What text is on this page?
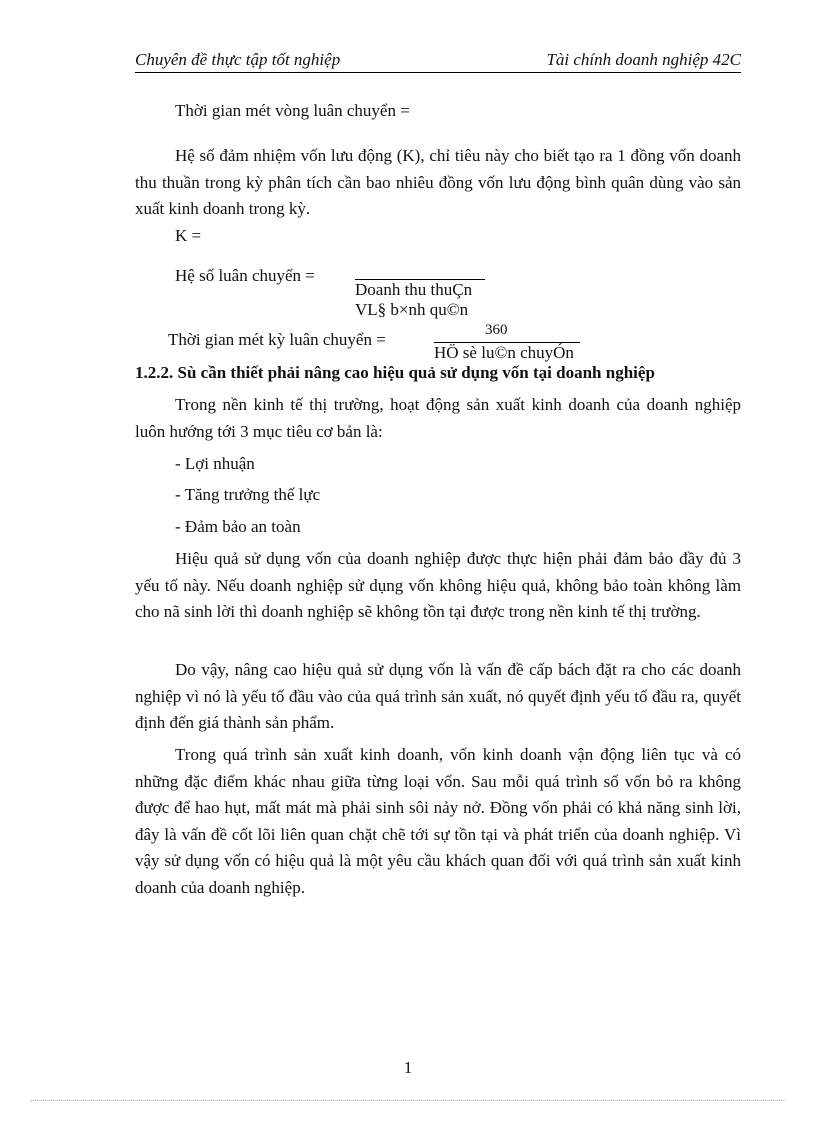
Chuyên đề thực tập tốt nghiệp	Tài chính doanh nghiệp 42C
Thời gian mét vòng luân chuyển =
Hệ số đảm nhiệm vốn lưu động (K), chỉ tiêu này cho biết tạo ra 1 đồng vốn doanh thu thuần trong kỳ phân tích cần bao nhiêu đồng vốn lưu động bình quân dùng vào sản xuất kinh doanh trong kỳ.
K =
Hệ số luân chuyển =
Doanh thu thuÇn
VL§ b×nh qu©n
Thời gian mét kỳ luân chuyển =	360
HÖ sè lu©n chuyÓn
1.2.2. Sù cần thiết phải nâng cao hiệu quả sử dụng vốn tại doanh nghiệp
Trong nền kinh tế thị trường, hoạt động sản xuất kinh doanh của doanh nghiệp luôn hướng tới 3 mục tiêu cơ bản là:
- Lợi nhuận
- Tăng trưởng thế lực
- Đảm bảo an toàn
Hiệu quả sử dụng vốn của doanh nghiệp được thực hiện phải đảm bảo đầy đủ 3 yếu tố này. Nếu doanh nghiệp sử dụng vốn không hiệu quả, không bảo toàn không làm cho nã sinh lời thì doanh nghiệp sẽ không tồn tại được trong nền kinh tế thị trường.
Do vậy, nâng cao hiệu quả sử dụng vốn là vấn đề cấp bách đặt ra cho các doanh nghiệp vì nó là yếu tố đầu vào của quá trình sản xuất, nó quyết định yếu tố đầu ra, quyết định đến giá thành sản phẩm.
Trong quá trình sản xuất kinh doanh, vốn kinh doanh vận động liên tục và có những đặc điểm khác nhau giữa từng loại vốn. Sau mỗi quá trình số vốn bỏ ra không được để hao hụt, mất mát mà phải sinh sôi nảy nở. Đồng vốn phải có khả năng sinh lời, đây là vấn đề cốt lõi liên quan chặt chẽ tới sự tồn tại và phát triển của doanh nghiệp. Vì vậy sử dụng vốn có hiệu quả là một yêu cầu khách quan đối với quá trình sản xuất kinh doanh của doanh nghiệp.
1
